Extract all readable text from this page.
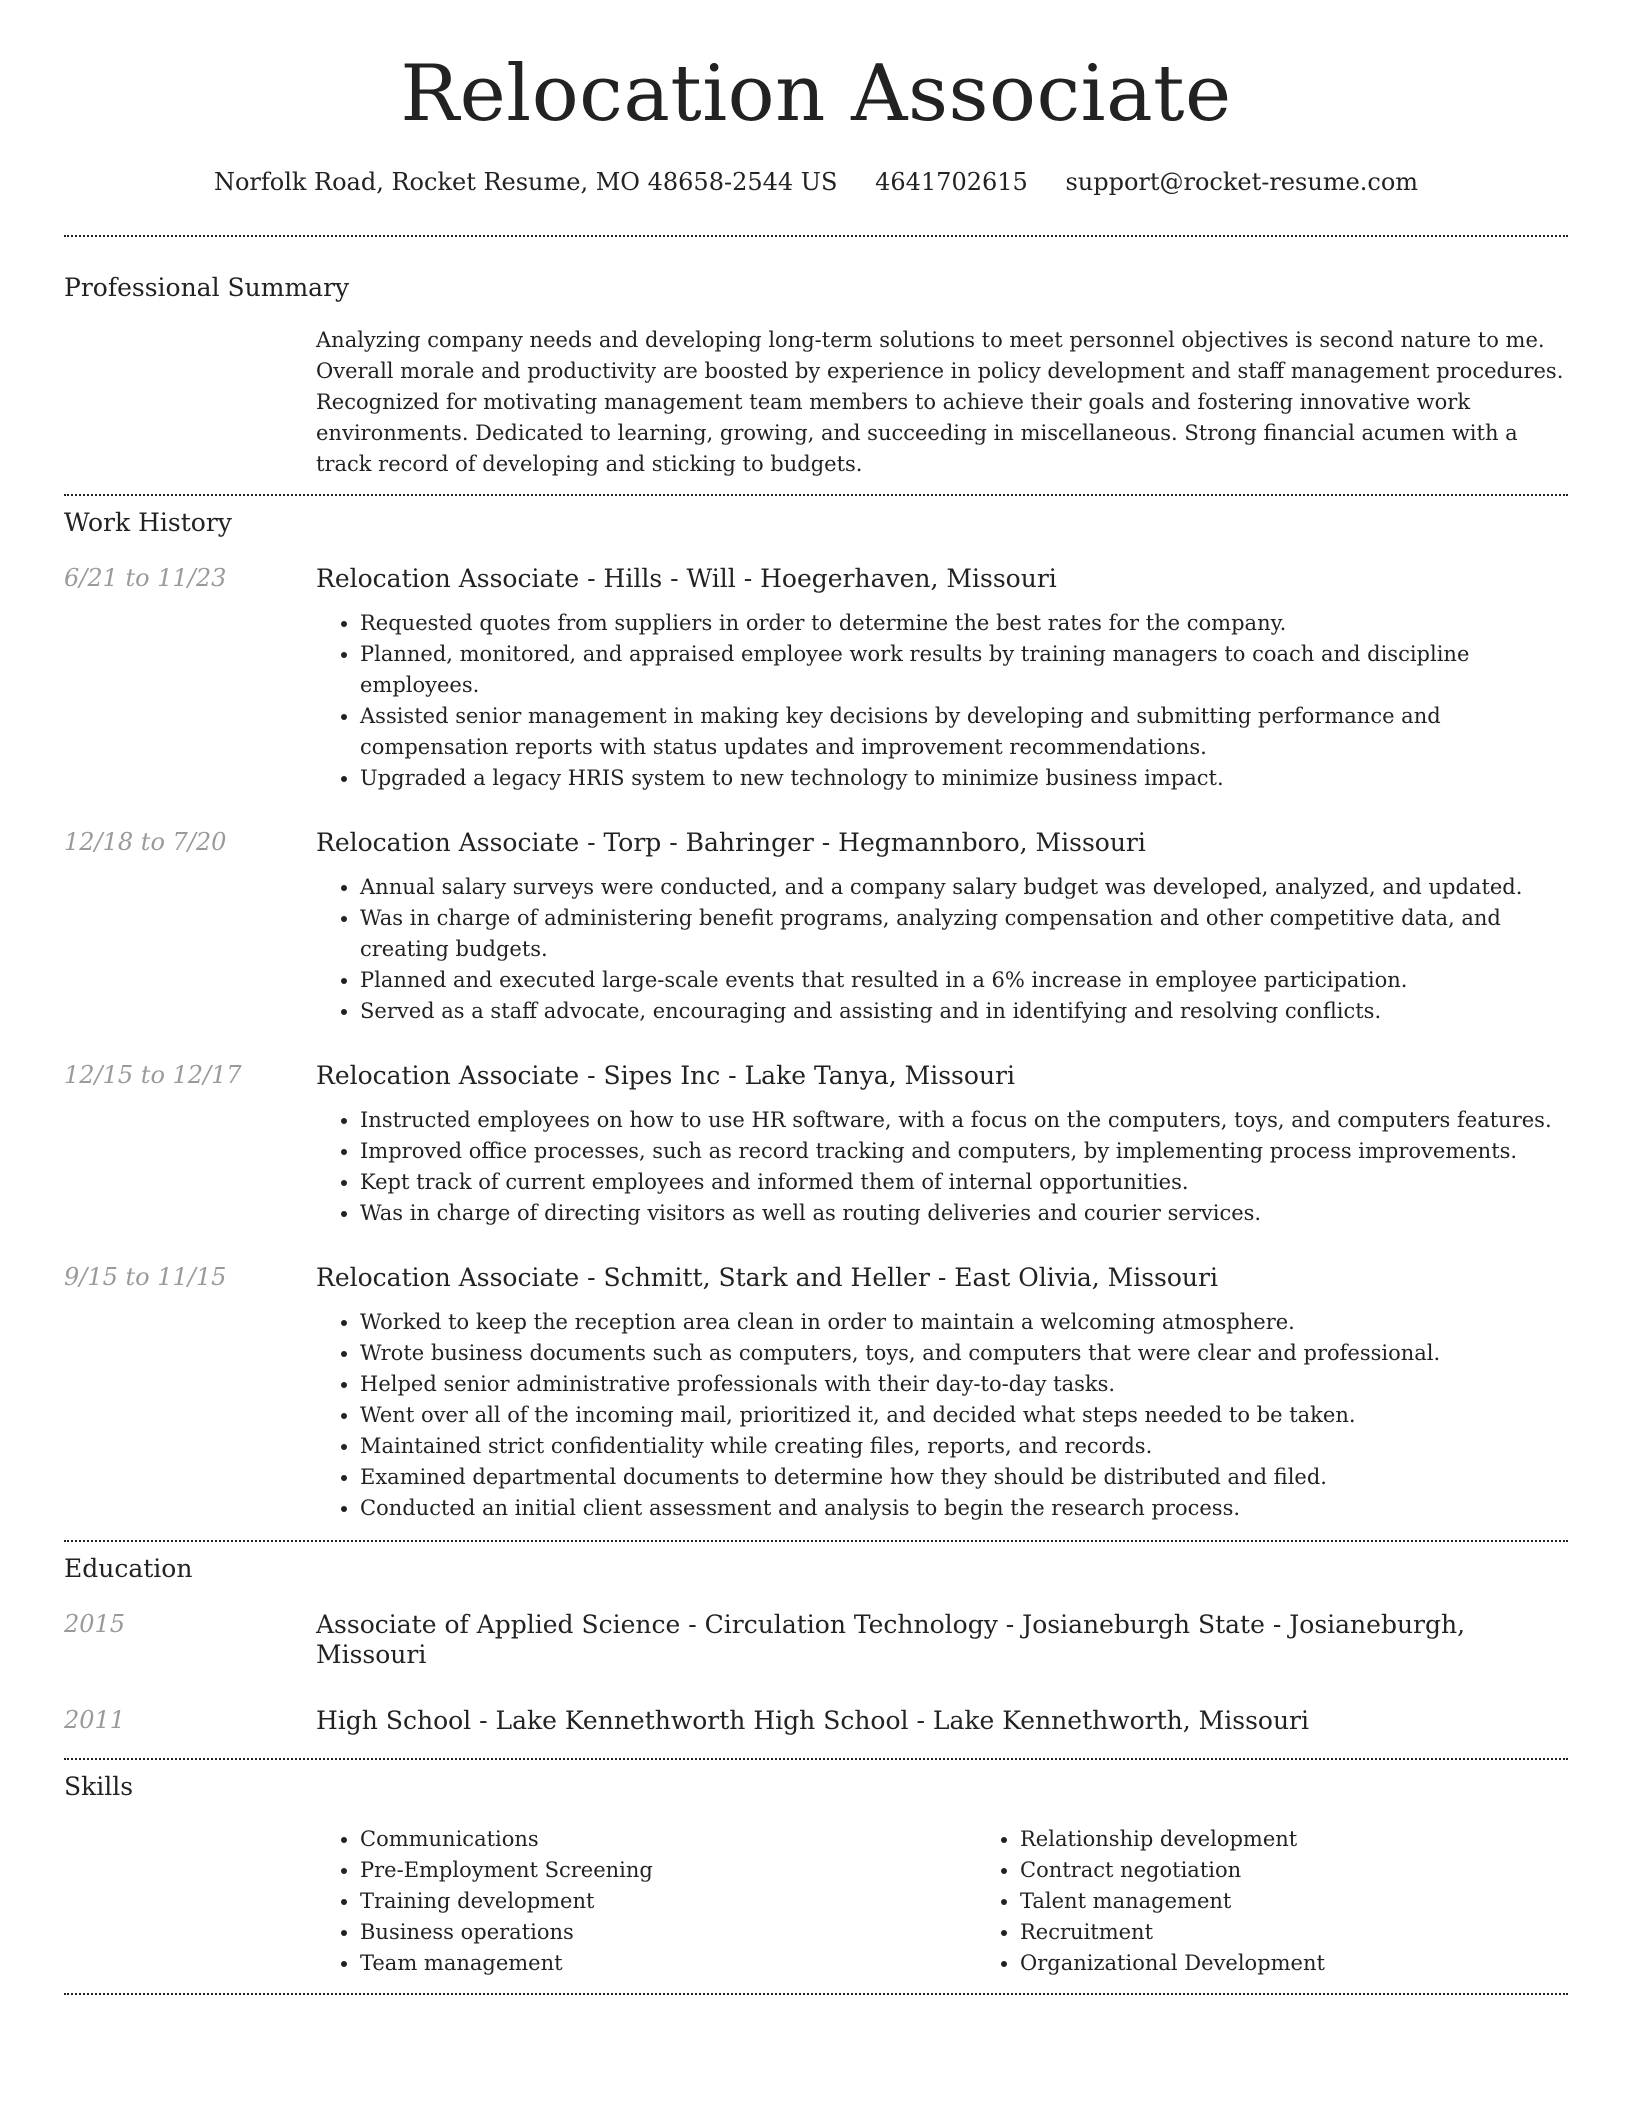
Relocation Associate
Norfolk Road, Rocket Resume, MO 48658-2544 US 4641702615 support@rocket-resume.com
Professional Summary
Analyzing company needs and developing long-term solutions to meet personnel objectives is second nature to me. Overall morale and productivity are boosted by experience in policy development and staff management procedures. Recognized for motivating management team members to achieve their goals and fostering innovative work environments. Dedicated to learning, growing, and succeeding in miscellaneous. Strong financial acumen with a track record of developing and sticking to budgets.
Work History
6/21 to 11/23	Relocation Associate - Hills - Will - Hoegerhaven, Missouri
• Requested quotes from suppliers in order to determine the best rates for the company.
• Planned, monitored, and appraised employee work results by training managers to coach and discipline employees.
• Assisted senior management in making key decisions by developing and submitting performance and compensation reports with status updates and improvement recommendations.
• Upgraded a legacy HRIS system to new technology to minimize business impact.
12/18 to 7/20	Relocation Associate - Torp - Bahringer - Hegmannboro, Missouri
• Annual salary surveys were conducted, and a company salary budget was developed, analyzed, and updated.
• Was in charge of administering benefit programs, analyzing compensation and other competitive data, and creating budgets.
• Planned and executed large-scale events that resulted in a 6% increase in employee participation.
• Served as a staff advocate, encouraging and assisting and in identifying and resolving conflicts.
12/15 to 12/17	Relocation Associate - Sipes Inc - Lake Tanya, Missouri
• Instructed employees on how to use HR software, with a focus on the computers, toys, and computers features.
• Improved office processes, such as record tracking and computers, by implementing process improvements.
• Kept track of current employees and informed them of internal opportunities.
• Was in charge of directing visitors as well as routing deliveries and courier services.
9/15 to 11/15	Relocation Associate - Schmitt, Stark and Heller - East Olivia, Missouri
• Worked to keep the reception area clean in order to maintain a welcoming atmosphere.
• Wrote business documents such as computers, toys, and computers that were clear and professional.
• Helped senior administrative professionals with their day-to-day tasks.
• Went over all of the incoming mail, prioritized it, and decided what steps needed to be taken.
• Maintained strict confidentiality while creating files, reports, and records.
• Examined departmental documents to determine how they should be distributed and filed.
• Conducted an initial client assessment and analysis to begin the research process.
Education
2015	Associate of Applied Science - Circulation Technology - Josianeburgh State - Josianeburgh, Missouri
2011	High School - Lake Kennethworth High School - Lake Kennethworth, Missouri
Skills
• Communications
• Pre-Employment Screening
• Training development
• Business operations
• Team management
• Relationship development
• Contract negotiation
• Talent management
• Recruitment
• Organizational Development
